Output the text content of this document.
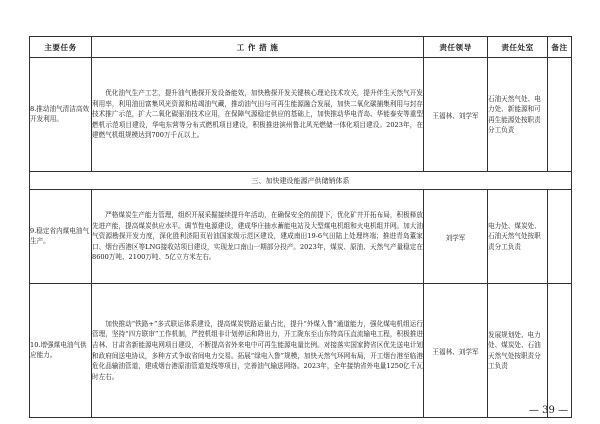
主要任务	工 作 措 施	责任领导	责任处室	备注
8.推动油气清洁高效开发利用。	优化油气生产工艺，提升油气勘探开发设备能效，加快勘探开发关键核心理论技术攻关，提升伴生天然气开发利用率，利用油田富集风光资源和枯竭油气藏，推动油气田与可再生能源融合发展，加快二氧化碳捕集利用与封存技术推广示范，扩大二氧化碳驱油技术应用，在保障气源稳定供应的基础上，加快推动华电青岛、华能泰安等重型燃机示范项目建设，华电东营等分布式燃机项目建设，积极推进滨州鲁北风光燃储一体化项目建设。2023年，在建燃气机组规模达到700万千瓦以上。	王福林、刘学军	石油天然气处、电力处、新能源和可再生能源处按职责分工负责	
三、加快建设能源产供储销体系				
9.稳定省内煤电油气生产。	严格煤炭生产能力管理，组织开展采掘接续提升年活动，在确保安全的前提下，优化矿井开拓布局，积极释放先进产能，提高煤炭供应水平。调节性电源建设，建成华庄抽水蓄能电站及大型煤电机组和火电机组并网。加大油气资源勘探开发力度，深化胜利济阳页岩油国家级示范区建设，建成南田19-6气田陆上处理终端；推进青岛董家口、烟台西港区等LNG接收站项目建设，实现龙口南山一期部分投产。2023年，煤炭、原油、天然气产量稳定在8600万吨、2100万吨、5亿立方米左右。	刘学军	电力处、煤炭处、石油天然气处按职责分工负责	
10.增强煤电油气供应能力。	加快推动“铁路+”多式联运体系建设，提高煤炭铁路运量占比，提升“外煤入鲁”通道能力，强化煤电机组运行管理，坚持“四方联审”工作机制，严控机组非计划停运和降出力，开工陇东至山东特高压直流输电工程，积极推进吉林、甘肃省新能源电网项目建设，不断提高省外来电中可再生能源电量比例。对接落实国家跨省区优先送电计划和政府间送电协议，多种方式争取省间电力交易。拓展“绿电入鲁”规模，加快天然气环网布局，开工烟台港至临港危化品输油管道，建成烟台港原油管道复线等项目，完善油气输送网络。2023年，全年接纳省外电量1250亿千瓦时左右。	王福林、刘学军	发展规划处、电力处、煤炭处、石油天然气处按职责分工负责	
— 39 —
